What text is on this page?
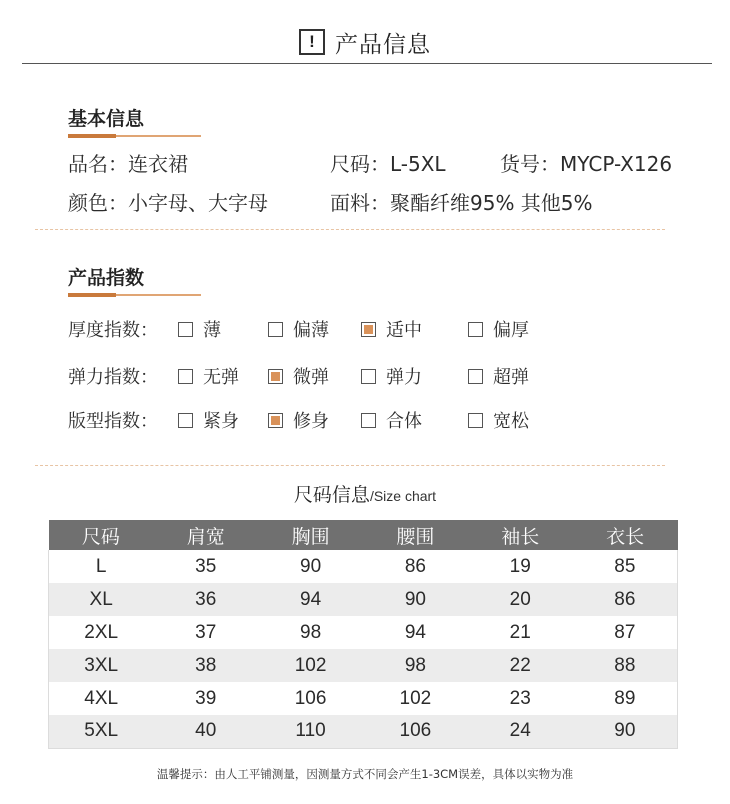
! 产品信息
基本信息
品名：连衣裙	尺码：L-5XL	货号：MYCP-X126
颜色：小字母、大字母	面料：聚酯纤维95% 其他5%
产品指数
厚度指数：	薄	偏薄	适中	偏厚
弹力指数：	无弹	微弹	弹力	超弹
版型指数：	紧身	修身	合体	宽松
尺码信息/Size chart
尺码	肩宽	胸围	腰围	袖长	衣长
L	35	90	86	19	85
XL	36	94	90	20	86
2XL	37	98	94	21	87
3XL	38	102	98	22	88
4XL	39	106	102	23	89
5XL	40	110	106	24	90
温馨提示：由人工平铺测量，因测量方式不同会产生1-3CM误差，具体以实物为准
